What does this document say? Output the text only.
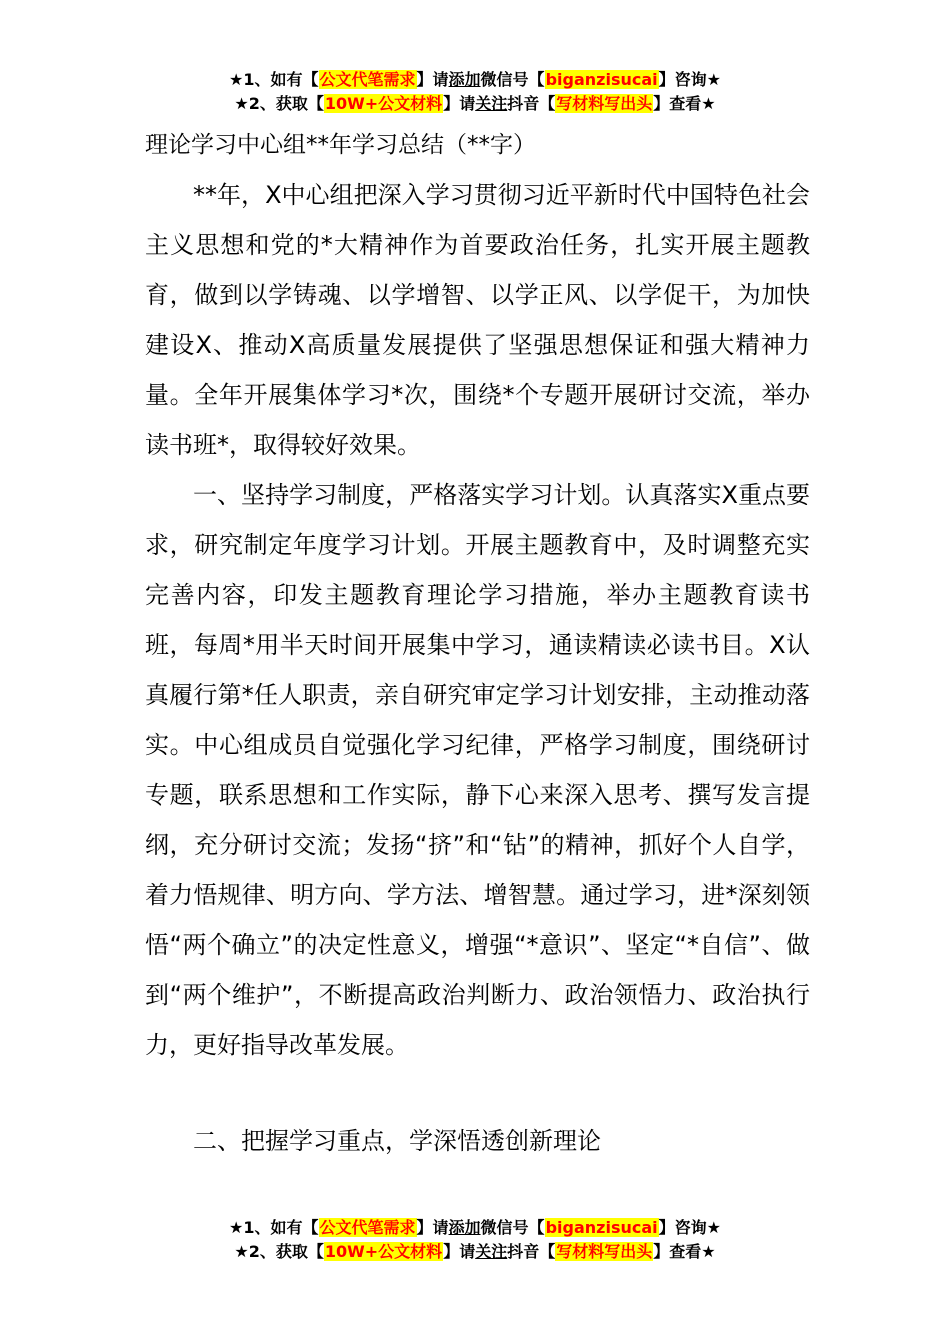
★1、如有【公文代笔需求】请添加微信号【biganzisucai】咨询★
★2、获取【10W+公文材料】请关注抖音【写材料写出头】查看★
理论学习中心组**年学习总结（**字）

**年，X中心组把深入学习贯彻习近平新时代中国特色社会主义思想和党的*大精神作为首要政治任务，扎实开展主题教育，做到以学铸魂、以学增智、以学正风、以学促干，为加快建设X、推动X高质量发展提供了坚强思想保证和强大精神力量。全年开展集体学习*次，围绕*个专题开展研讨交流，举办读书班*，取得较好效果。

一、坚持学习制度，严格落实学习计划。认真落实X重点要求，研究制定年度学习计划。开展主题教育中，及时调整充实完善内容，印发主题教育理论学习措施，举办主题教育读书班，每周*用半天时间开展集中学习，通读精读必读书目。X认真履行第*任人职责，亲自研究审定学习计划安排，主动推动落实。中心组成员自觉强化学习纪律，严格学习制度，围绕研讨专题，联系思想和工作实际，静下心来深入思考、撰写发言提纲，充分研讨交流；发扬“挤”和“钻”的精神，抓好个人自学，着力悟规律、明方向、学方法、增智慧。通过学习，进*深刻领悟“两个确立”的决定性意义，增强“*意识”、坚定“*自信”、做到“两个维护”，不断提高政治判断力、政治领悟力、政治执行力，更好指导改革发展。

二、把握学习重点，学深悟透创新理论
★1、如有【公文代笔需求】请添加微信号【biganzisucai】咨询★
★2、获取【10W+公文材料】请关注抖音【写材料写出头】查看★
